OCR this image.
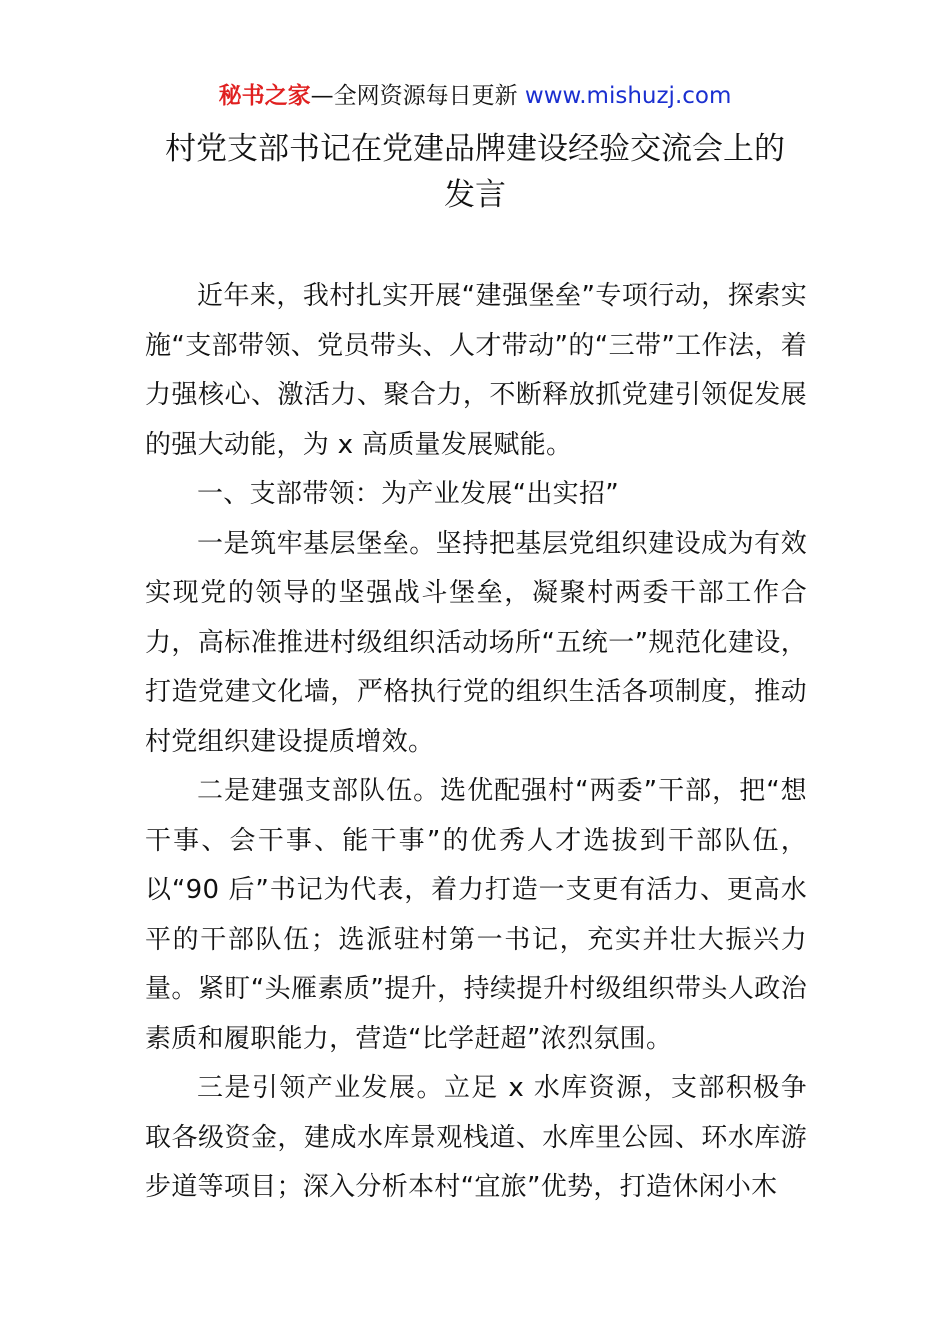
秘书之家—全网资源每日更新 www.mishuzj.com
村党支部书记在党建品牌建设经验交流会上的
发言

近年来，我村扎实开展“建强堡垒”专项行动，探索实施“支部带领、党员带头、人才带动”的“三带”工作法，着力强核心、激活力、聚合力，不断释放抓党建引领促发展的强大动能，为 x 高质量发展赋能。

一、支部带领：为产业发展“出实招”

一是筑牢基层堡垒。坚持把基层党组织建设成为有效实现党的领导的坚强战斗堡垒，凝聚村两委干部工作合力，高标准推进村级组织活动场所“五统一”规范化建设，打造党建文化墙，严格执行党的组织生活各项制度，推动村党组织建设提质增效。

二是建强支部队伍。选优配强村“两委”干部，把“想干事、会干事、能干事”的优秀人才选拔到干部队伍，以“90 后”书记为代表，着力打造一支更有活力、更高水平的干部队伍；选派驻村第一书记，充实并壮大振兴力量。紧盯“头雁素质”提升，持续提升村级组织带头人政治素质和履职能力，营造“比学赶超”浓烈氛围。

三是引领产业发展。立足 x 水库资源，支部积极争取各级资金，建成水库景观栈道、水库里公园、环水库游步道等项目；深入分析本村“宜旅”优势，打造休闲小木
